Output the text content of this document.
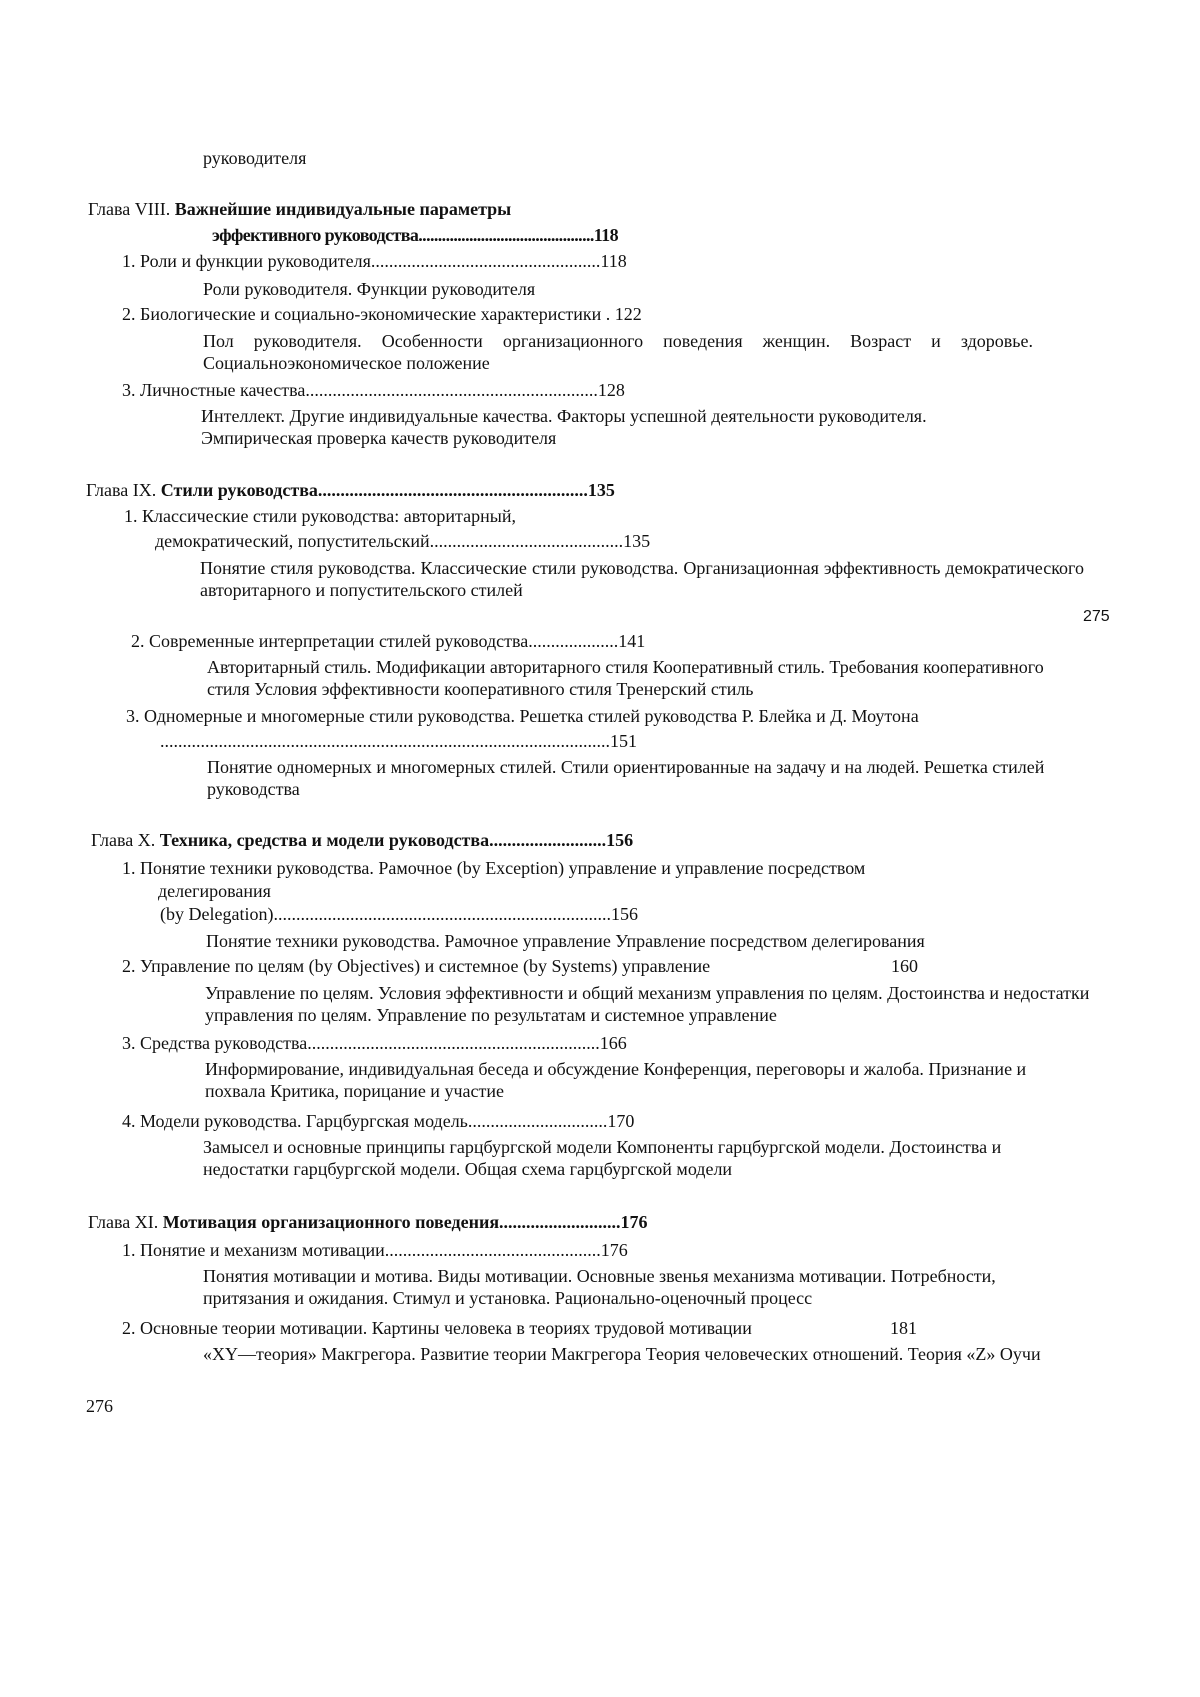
руководителя
Глава VIII. Важнейшие индивидуальные параметры
эффективного руководства.............................................118
1. Роли и функции руководителя...................................................118
Роли руководителя. Функции руководителя
2. Биологические и социально-экономические характеристики . 122
Пол руководителя. Особенности организационного поведения женщин. Возраст и здоровье. Социальноэкономическое положение
3. Личностные качества.................................................................128
Интеллект. Другие индивидуальные качества. Факторы успешной деятельности руководителя. Эмпирическая проверка качеств руководителя
Глава IX. Стили руководства............................................................135
1. Классические стили руководства: авторитарный,
демократический, попустительский...........................................135
Понятие стиля руководства. Классические стили руководства. Организационная эффективность демократического авторитарного и попустительского стилей
275
2. Современные интерпретации стилей руководства....................141
Авторитарный стиль. Модификации авторитарного стиля Кооперативный стиль. Требования кооперативного стиля Условия эффективности кооперативного стиля Тренерский стиль
3. Одномерные и многомерные стили руководства. Решетка стилей руководства Р. Блейка и Д. Моутона
....................................................................................................151
Понятие одномерных и многомерных стилей. Стили ориентированные на задачу и на людей. Решетка стилей руководства
Глава X. Техника, средства и модели руководства..........................156
1. Понятие техники руководства. Рамочное (by Exception) управление и управление посредством
делегирования
(by Delegation)...........................................................................156
Понятие техники руководства. Рамочное управление Управление посредством делегирования
2. Управление по целям (by Objectives) и системное (by Systems) управление	160
Управление по целям. Условия эффективности и общий механизм управления по целям. Достоинства и недостатки управления по целям. Управление по результатам и системное управление
3. Средства руководства.................................................................166
Информирование, индивидуальная беседа и обсуждение Конференция, переговоры и жалоба. Признание и похвала Критика, порицание и участие
4. Модели руководства. Гарцбургская модель...............................170
Замысел и основные принципы гарцбургской модели Компоненты гарцбургской модели. Достоинства и недостатки гарцбургской модели. Общая схема гарцбургской модели
Глава XI. Мотивация организационного поведения...........................176
1. Понятие и механизм мотивации................................................176
Понятия мотивации и мотива. Виды мотивации. Основные звенья механизма мотивации. Потребности, притязания и ожидания. Стимул и установка. Рационально-оценочный процесс
2. Основные теории мотивации. Картины человека в теориях трудовой мотивации	181
«XY—теория» Макгрегора. Развитие теории Макгрегора Теория человеческих отношений. Теория «Z» Оучи
276
